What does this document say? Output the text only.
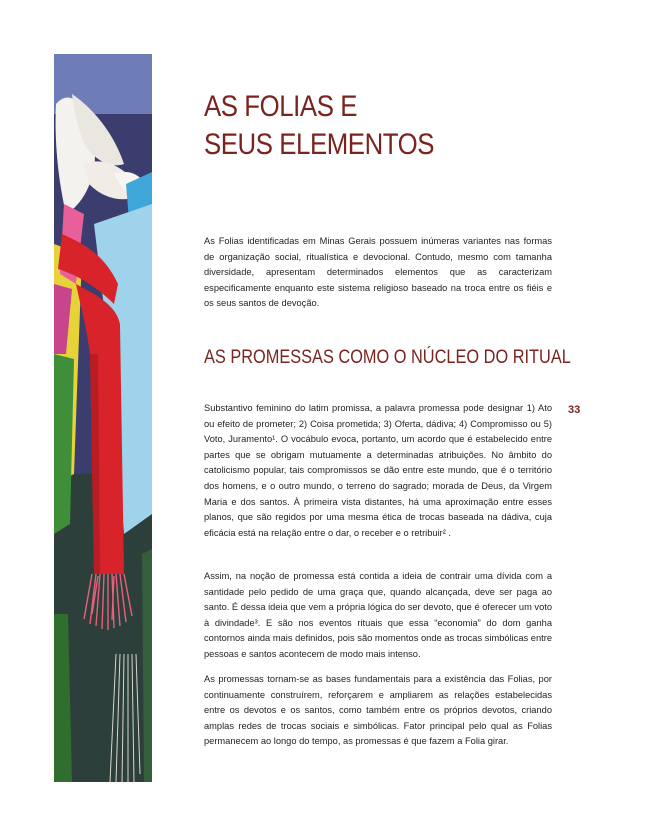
AS FOLIAS E
SEUS ELEMENTOS

As Folias identificadas em Minas Gerais possuem inúmeras variantes nas formas de organização social, ritualística e devocional. Contudo, mesmo com tamanha diversidade, apresentam determinados elementos que as caracterizam especificamente enquanto este sistema religioso baseado na troca entre os fiéis e os seus santos de devoção.

AS PROMESSAS COMO O NÚCLEO DO RITUAL

Substantivo feminino do latim promissa, a palavra promessa pode designar 1) Ato ou efeito de prometer; 2) Coisa prometida; 3) Oferta, dádiva; 4) Compromisso ou 5) Voto, Juramento¹. O vocábulo evoca, portanto, um acordo que é estabelecido entre partes que se obrigam mutuamente a determinadas atribuições. No âmbito do catolicismo popular, tais compromissos se dão entre este mundo, que é o território dos homens, e o outro mundo, o terreno do sagrado; morada de Deus, da Virgem Maria e dos santos. À primeira vista distantes, há uma aproximação entre esses planos, que são regidos por uma mesma ética de trocas baseada na dádiva, cuja eficácia está na relação entre o dar, o receber e o retribuir² .

Assim, na noção de promessa está contida a ideia de contrair uma dívida com a santidade pelo pedido de uma graça que, quando alcançada, deve ser paga ao santo. É dessa ideia que vem a própria lógica do ser devoto, que é oferecer um voto à divindade³. E são nos eventos rituais que essa “economia” do dom ganha contornos ainda mais definidos, pois são momentos onde as trocas simbólicas entre pessoas e santos acontecem de modo mais intenso.

As promessas tornam-se as bases fundamentais para a existência das Folias, por continuamente construírem, reforçarem e ampliarem as relações estabelecidas entre os devotos e os santos, como também entre os próprios devotos, criando amplas redes de trocas sociais e simbólicas. Fator principal pelo qual as Folias permanecem ao longo do tempo, as promessas é que fazem a Folia girar.

33
